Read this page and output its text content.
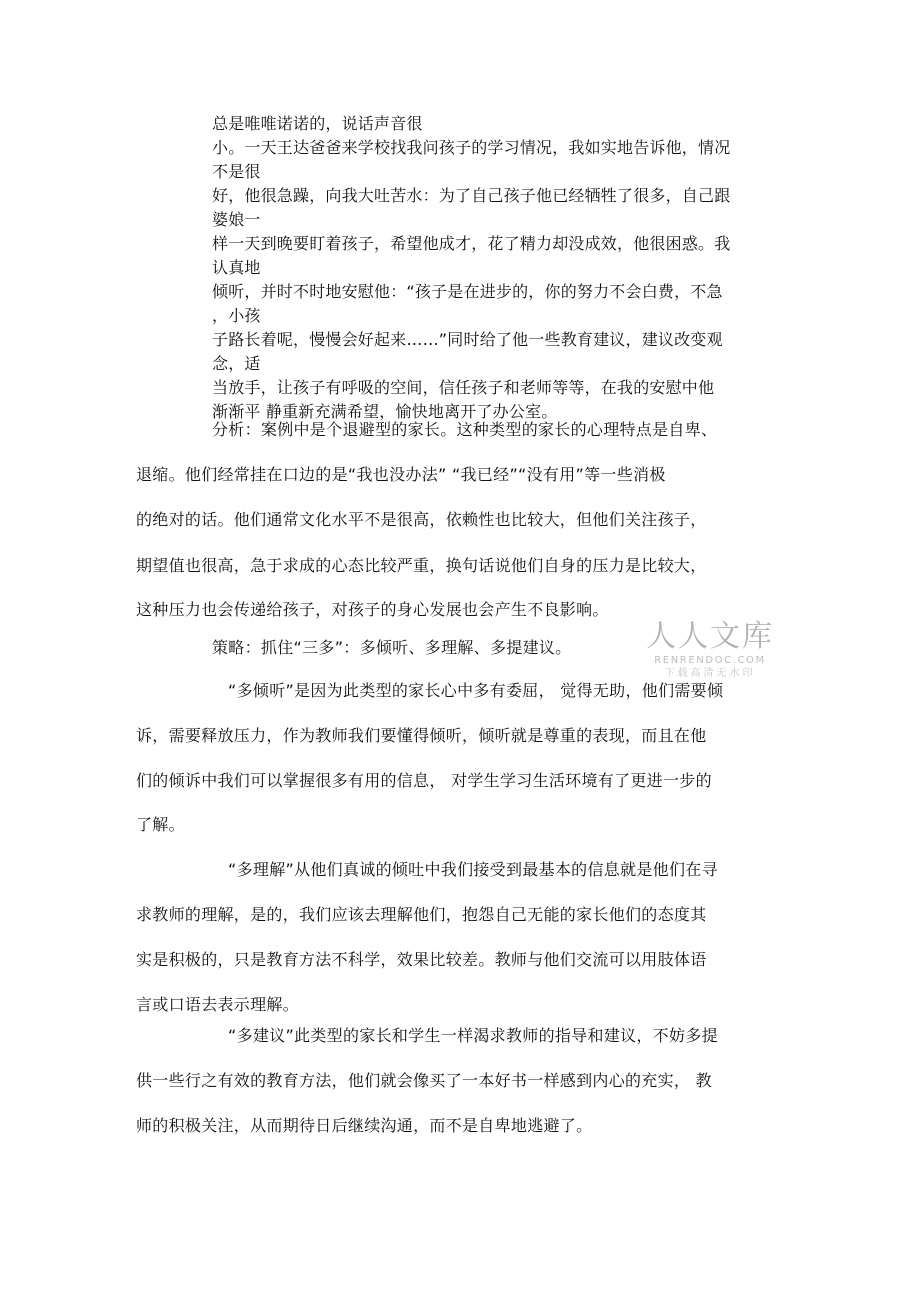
总是唯唯诺诺的，说话声音很
小。一天王达爸爸来学校找我问孩子的学习情况，我如实地告诉他，情况
不是很
好，他很急躁，向我大吐苦水：为了自己孩子他已经牺牲了很多，自己跟
婆娘一
样一天到晚要盯着孩子，希望他成才，花了精力却没成效，他很困惑。我
认真地
倾听，并时不时地安慰他：“孩子是在进步的，你的努力不会白费，不急
，小孩
子路长着呢，慢慢会好起来……”同时给了他一些教育建议，建议改变观
念，适
当放手，让孩子有呼吸的空间，信任孩子和老师等等，在我的安慰中他
渐渐平 静重新充满希望，愉快地离开了办公室。
分析：案例中是个退避型的家长。这种类型的家长的心理特点是自卑、
退缩。他们经常挂在口边的是“我也没办法” “我已经”“没有用”等一些消极
的绝对的话。他们通常文化水平不是很高，依赖性也比较大，但他们关注孩子，
期望值也很高，急于求成的心态比较严重，换句话说他们自身的压力是比较大，
这种压力也会传递给孩子，对孩子的身心发展也会产生不良影响。
策略：抓住“三多”：多倾听、多理解、多提建议。
“多倾听”是因为此类型的家长心中多有委屈， 觉得无助，他们需要倾
诉，需要释放压力，作为教师我们要懂得倾听，倾听就是尊重的表现，而且在他
们的倾诉中我们可以掌握很多有用的信息， 对学生学习生活环境有了更进一步的
了解。
“多理解”从他们真诚的倾吐中我们接受到最基本的信息就是他们在寻
求教师的理解，是的，我们应该去理解他们，抱怨自己无能的家长他们的态度其
实是积极的，只是教育方法不科学，效果比较差。教师与他们交流可以用肢体语
言或口语去表示理解。
“多建议”此类型的家长和学生一样渴求教师的指导和建议，不妨多提
供一些行之有效的教育方法，他们就会像买了一本好书一样感到内心的充实， 教
师的积极关注，从而期待日后继续沟通，而不是自卑地逃避了。
人人文库
RENRENDOC.COM
下载高清无水印
